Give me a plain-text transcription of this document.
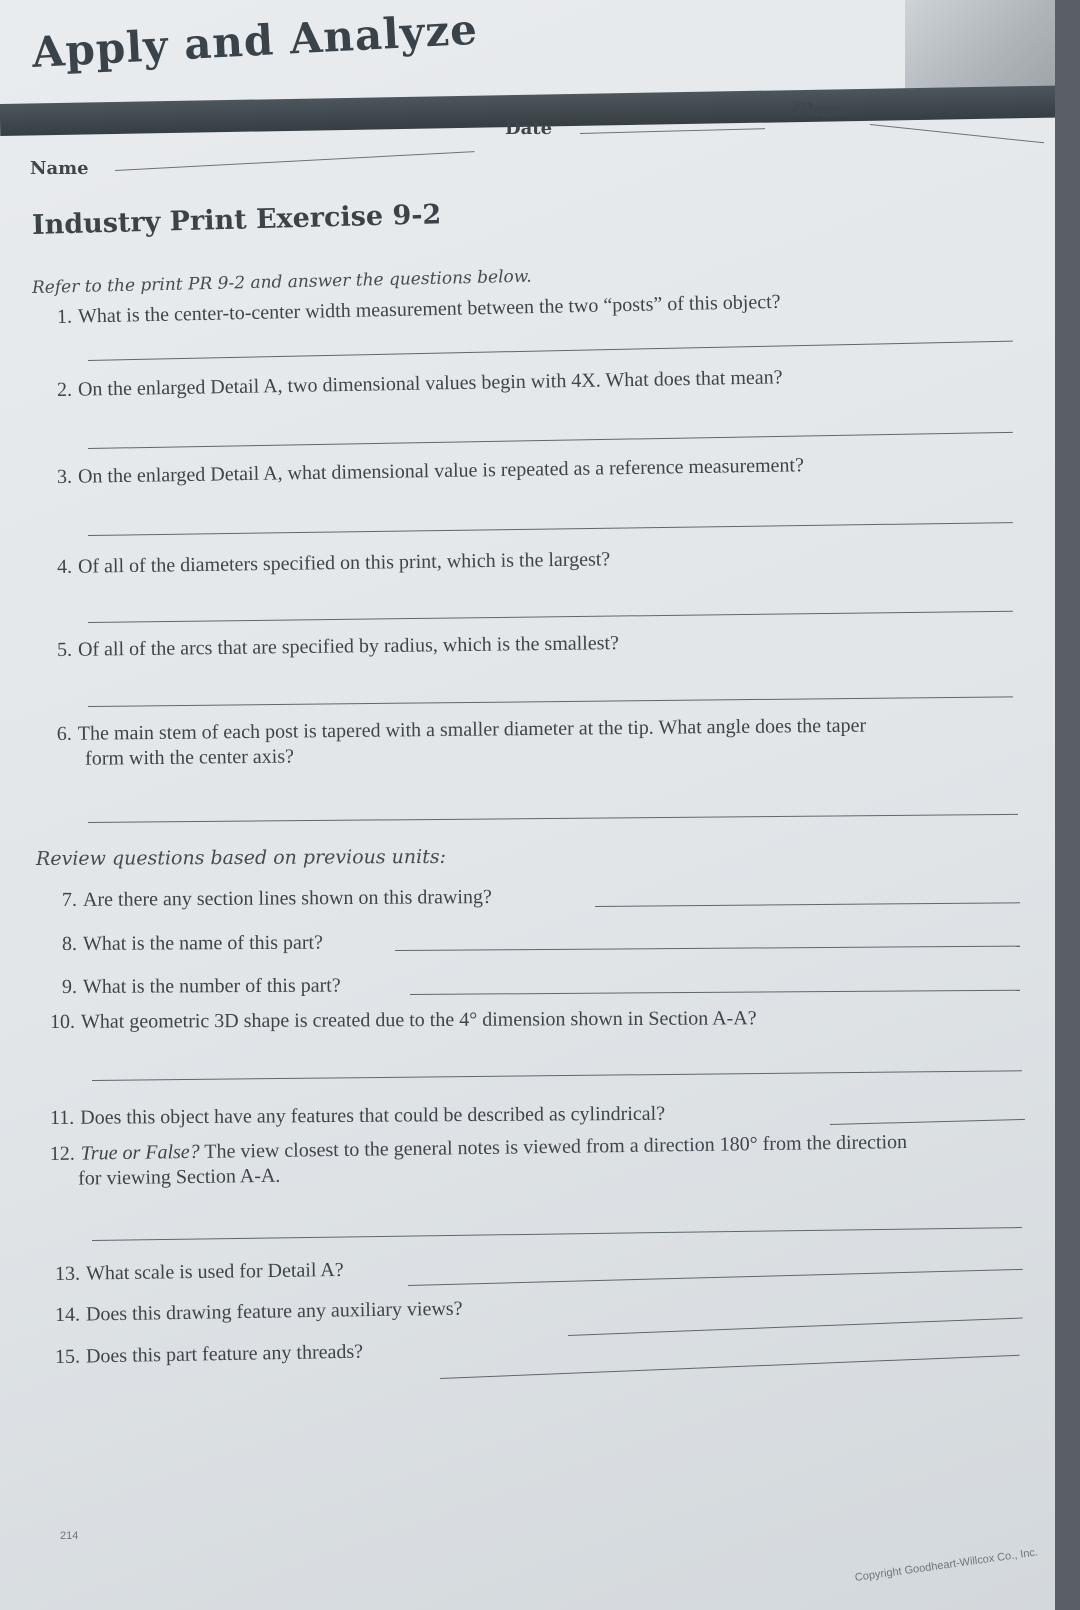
Apply and Analyze
Name
Date
Class
Industry Print Exercise 9-2

Refer to the print PR 9-2 and answer the questions below.

1. What is the center-to-center width measurement between the two “posts” of this object?

2. On the enlarged Detail A, two dimensional values begin with 4X. What does that mean?

3. On the enlarged Detail A, what dimensional value is repeated as a reference measurement?

4. Of all of the diameters specified on this print, which is the largest?

5. Of all of the arcs that are specified by radius, which is the smallest?

6. The main stem of each post is tapered with a smaller diameter at the tip. What angle does the taper
form with the center axis?

Review questions based on previous units:

7. Are there any section lines shown on this drawing?

8. What is the name of this part?

9. What is the number of this part?

10. What geometric 3D shape is created due to the 4° dimension shown in Section A-A?

11. Does this object have any features that could be described as cylindrical?

12. True or False? The view closest to the general notes is viewed from a direction 180° from the direction
for viewing Section A-A.

13. What scale is used for Detail A?

14. Does this drawing feature any auxiliary views?

15. Does this part feature any threads?

214
Copyright Goodheart-Willcox Co., Inc.
